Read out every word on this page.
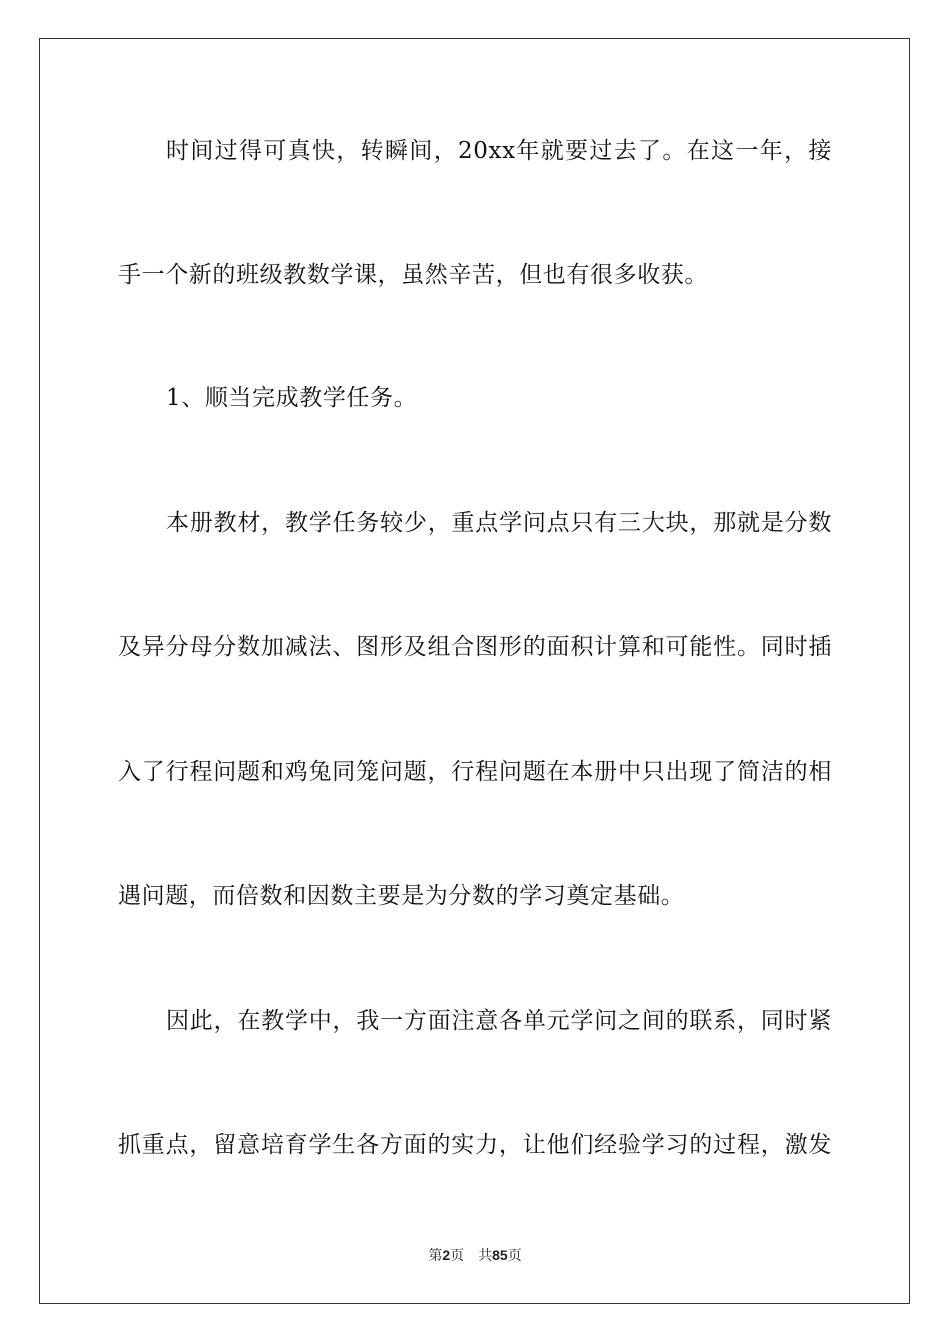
时间过得可真快，转瞬间，20xx年就要过去了。在这一年，接
手一个新的班级教数学课，虽然辛苦，但也有很多收获。
1、顺当完成教学任务。
本册教材，教学任务较少，重点学问点只有三大块，那就是分数
及异分母分数加减法、图形及组合图形的面积计算和可能性。同时插
入了行程问题和鸡兔同笼问题，行程问题在本册中只出现了简洁的相
遇问题，而倍数和因数主要是为分数的学习奠定基础。
因此，在教学中，我一方面注意各单元学问之间的联系，同时紧
抓重点，留意培育学生各方面的实力，让他们经验学习的过程，激发
第2页 共85页
